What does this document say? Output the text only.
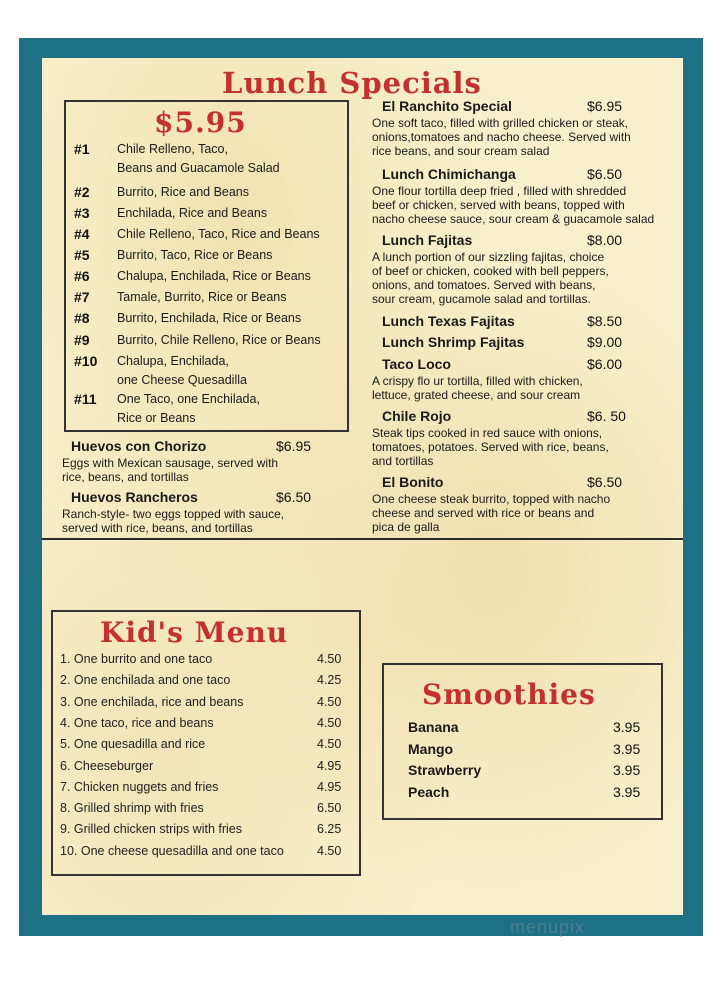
Lunch Specials
$5.95
#1 Chile Relleno, Taco,
Beans and Guacamole Salad
#2 Burrito, Rice and Beans
#3 Enchilada, Rice and Beans
#4 Chile Relleno, Taco, Rice and Beans
#5 Burrito, Taco, Rice or Beans
#6 Chalupa, Enchilada, Rice or Beans
#7 Tamale, Burrito, Rice or Beans
#8 Burrito, Enchilada, Rice or Beans
#9 Burrito, Chile Relleno, Rice or Beans
#10 Chalupa, Enchilada,
one Cheese Quesadilla
#11 One Taco, one Enchilada,
Rice or Beans
Huevos con Chorizo	$6.95
Eggs with Mexican sausage, served with
rice, beans, and tortillas
Huevos Rancheros	$6.50
Ranch-style- two eggs topped with sauce,
served with rice, beans, and tortillas
El Ranchito Special	$6.95
One soft taco, filled with grilled chicken or steak,
onions,tomatoes and nacho cheese. Served with
rice beans, and sour cream salad
Lunch Chimichanga	$6.50
One flour tortilla deep fried , filled with shredded
beef or chicken, served with beans, topped with
nacho cheese sauce, sour cream & guacamole salad
Lunch Fajitas	$8.00
A lunch portion of our sizzling fajitas, choice
of beef or chicken, cooked with bell peppers,
onions, and tomatoes. Served with beans,
sour cream, gucamole salad and tortillas.
Lunch Texas Fajitas	$8.50
Lunch Shrimp Fajitas	$9.00
Taco Loco	$6.00
A crispy flo ur tortilla, filled with chicken,
lettuce, grated cheese, and sour cream
Chile Rojo	$6. 50
Steak tips cooked in red sauce with onions,
tomatoes, potatoes. Served with rice, beans,
and tortillas
El Bonito	$6.50
One cheese steak burrito, topped with nacho
cheese and served with rice or beans and
pica de galla
Kid's Menu
1. One burrito and one taco	4.50
2. One enchilada and one taco	4.25
3. One enchilada, rice and beans	4.50
4. One taco, rice and beans	4.50
5. One quesadilla and rice	4.50
6. Cheeseburger	4.95
7. Chicken nuggets and fries	4.95
8. Grilled shrimp with fries	6.50
9. Grilled chicken strips with fries	6.25
10. One cheese quesadilla and one taco	4.50
Smoothies
Banana	3.95
Mango	3.95
Strawberry	3.95
Peach	3.95
menupix
